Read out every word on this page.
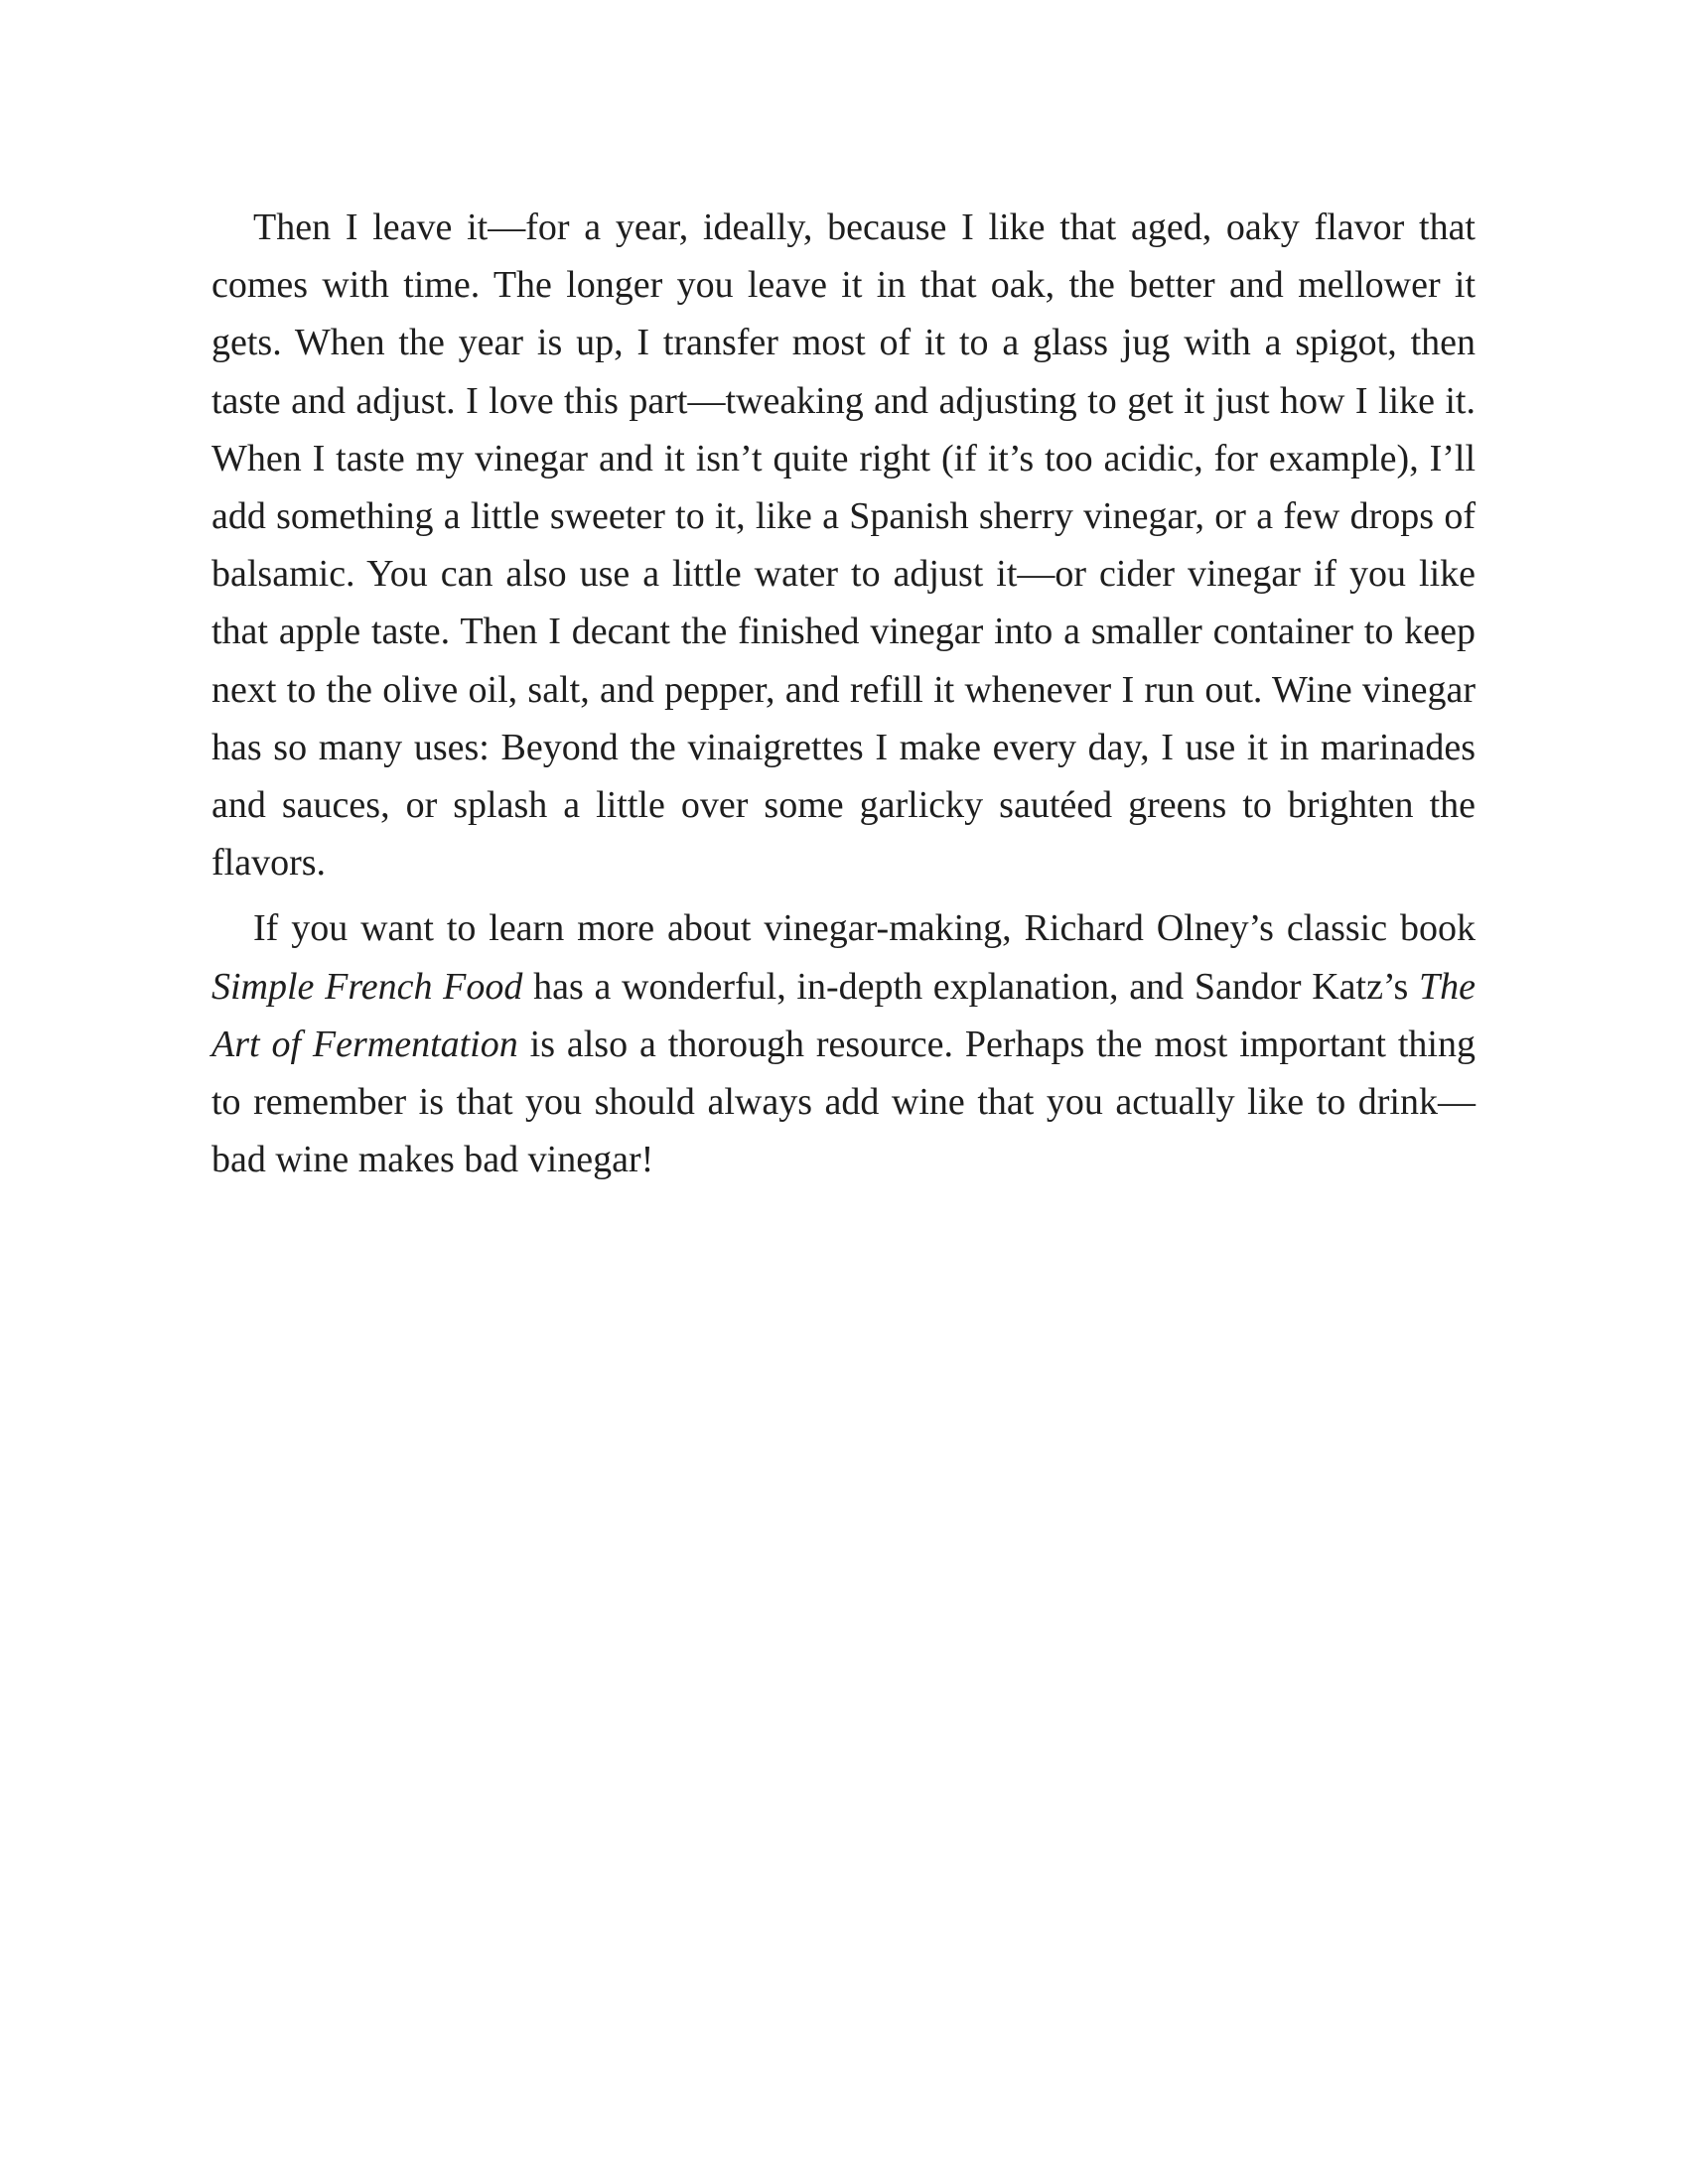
Then I leave it—for a year, ideally, because I like that aged, oaky flavor that comes with time. The longer you leave it in that oak, the better and mellower it gets. When the year is up, I transfer most of it to a glass jug with a spigot, then taste and adjust. I love this part—tweaking and adjusting to get it just how I like it. When I taste my vinegar and it isn’t quite right (if it’s too acidic, for example), I’ll add something a little sweeter to it, like a Spanish sherry vinegar, or a few drops of balsamic. You can also use a little water to adjust it—or cider vinegar if you like that apple taste. Then I decant the finished vinegar into a smaller container to keep next to the olive oil, salt, and pepper, and refill it whenever I run out. Wine vinegar has so many uses: Beyond the vinaigrettes I make every day, I use it in marinades and sauces, or splash a little over some garlicky sautéed greens to brighten the flavors.

If you want to learn more about vinegar-making, Richard Olney’s classic book Simple French Food has a wonderful, in-depth explanation, and Sandor Katz’s The Art of Fermentation is also a thorough resource. Perhaps the most important thing to remember is that you should always add wine that you actually like to drink—bad wine makes bad vinegar!
